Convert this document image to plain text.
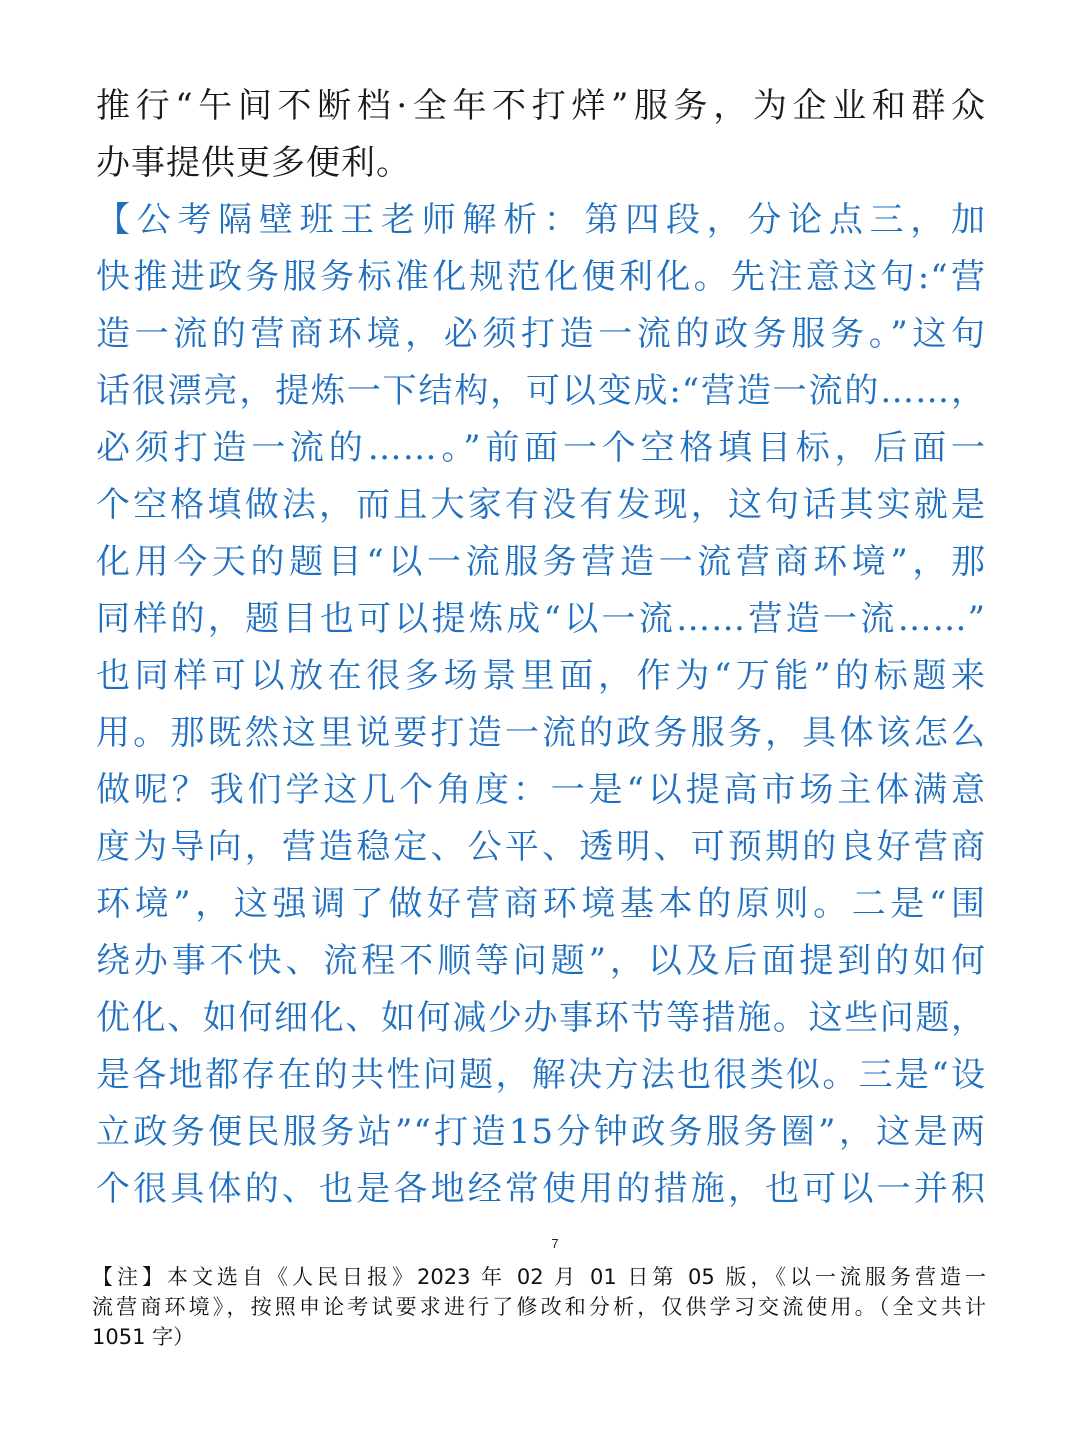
推行“午间不断档·全年不打烊”服务，为企业和群众
办事提供更多便利。
【公考隔壁班王老师解析：第四段，分论点三，加
快推进政务服务标准化规范化便利化。先注意这句:“营
造一流的营商环境，必须打造一流的政务服务。”这句
话很漂亮，提炼一下结构，可以变成:“营造一流的……，
必须打造一流的……。”前面一个空格填目标，后面一
个空格填做法，而且大家有没有发现，这句话其实就是
化用今天的题目“以一流服务营造一流营商环境”，那
同样的，题目也可以提炼成“以一流……营造一流……”
也同样可以放在很多场景里面，作为“万能”的标题来
用。那既然这里说要打造一流的政务服务，具体该怎么
做呢？我们学这几个角度：一是“以提高市场主体满意
度为导向，营造稳定、公平、透明、可预期的良好营商
环境”，这强调了做好营商环境基本的原则。二是“围
绕办事不快、流程不顺等问题”，以及后面提到的如何
优化、如何细化、如何减少办事环节等措施。这些问题，
是各地都存在的共性问题，解决方法也很类似。三是“设
立政务便民服务站”“打造15分钟政务服务圈”，这是两
个很具体的、也是各地经常使用的措施，也可以一并积
7
【注】本文选自《人民日报》2023 年 02 月 01 日第 05 版，《以一流服务营造一
流营商环境》，按照申论考试要求进行了修改和分析，仅供学习交流使用。（全文共计
1051 字）
